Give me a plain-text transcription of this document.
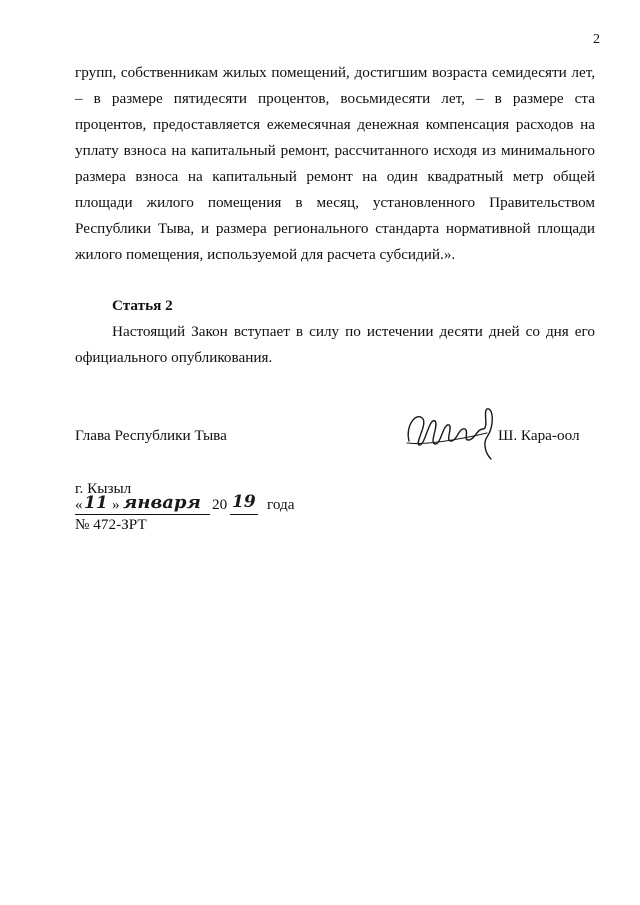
2
групп, собственникам жилых помещений, достигшим возраста семидесяти лет, – в размере пятидесяти процентов, восьмидесяти лет, – в размере ста процентов, предоставляется ежемесячная денежная компенсация расходов на уплату взноса на капитальный ремонт, рассчитанного исходя из минимального размера взноса на капитальный ремонт на один квадратный метр общей площади жилого помещения в месяц, установленного Правительством Республики Тыва, и размера регионального стандарта нормативной площади жилого помещения, используемой для расчета субсидий.».
Статья 2
Настоящий Закон вступает в силу по истечении десяти дней со дня его официального опубликования.
Глава Республики Тыва	Ш. Кара-оол
г. Кызыл
« 11 » января 20 19 года
№ 472-ЗРТ
